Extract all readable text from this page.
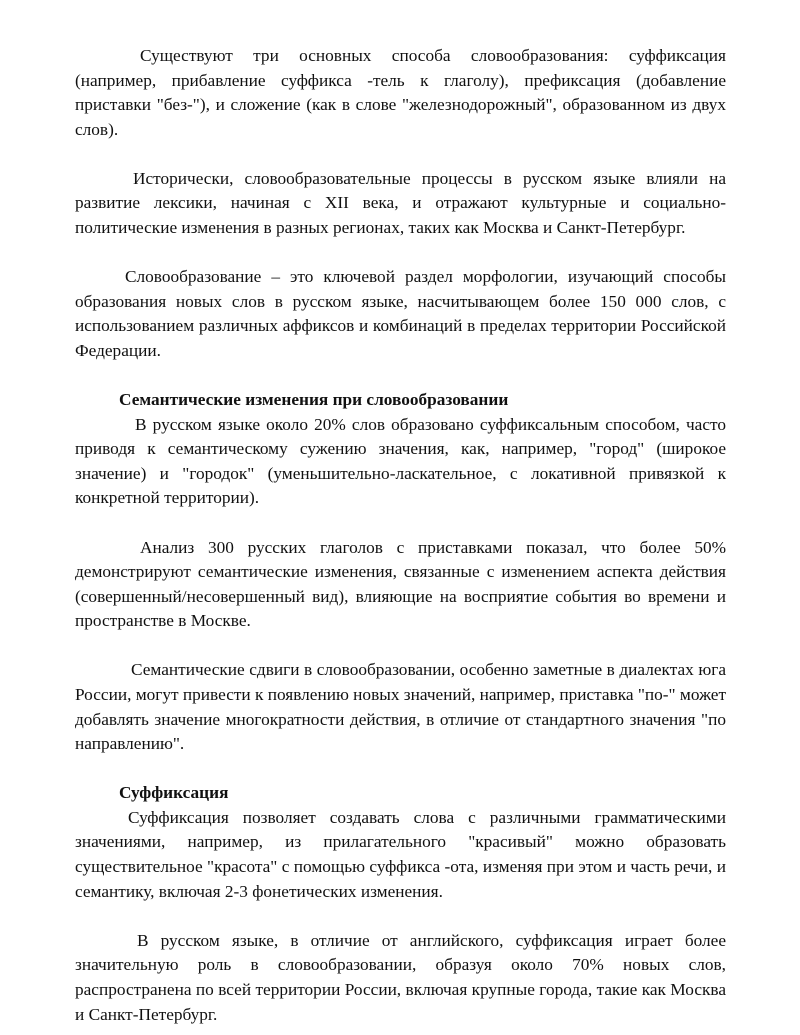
Существуют три основных способа словообразования: суффиксация (например, прибавление суффикса -тель к глаголу), префиксация (добавление приставки "без-"), и сложение (как в слове "железнодорожный", образованном из двух слов).

Исторически, словообразовательные процессы в русском языке влияли на развитие лексики, начиная с XII века, и отражают культурные и социально-политические изменения в разных регионах, таких как Москва и Санкт-Петербург.

Словообразование – это ключевой раздел морфологии, изучающий способы образования новых слов в русском языке, насчитывающем более 150 000 слов, с использованием различных аффиксов и комбинаций в пределах территории Российской Федерации.

Семантические изменения при словообразовании

В русском языке около 20% слов образовано суффиксальным способом, часто приводя к семантическому сужению значения, как, например, "город" (широкое значение) и "городок" (уменьшительно-ласкательное, с локативной привязкой к конкретной территории).

Анализ 300 русских глаголов с приставками показал, что более 50% демонстрируют семантические изменения, связанные с изменением аспекта действия (совершенный/несовершенный вид), влияющие на восприятие события во времени и пространстве в Москве.

Семантические сдвиги в словообразовании, особенно заметные в диалектах юга России, могут привести к появлению новых значений, например, приставка "по-" может добавлять значение многократности действия, в отличие от стандартного значения "по направлению".

Суффиксация

Суффиксация позволяет создавать слова с различными грамматическими значениями, например, из прилагательного "красивый" можно образовать существительное "красота" с помощью суффикса -ота, изменяя при этом и часть речи, и семантику, включая 2-3 фонетических изменения.

В русском языке, в отличие от английского, суффиксация играет более значительную роль в словообразовании, образуя около 70% новых слов, распространена по всей территории России, включая крупные города, такие как Москва и Санкт-Петербург.
